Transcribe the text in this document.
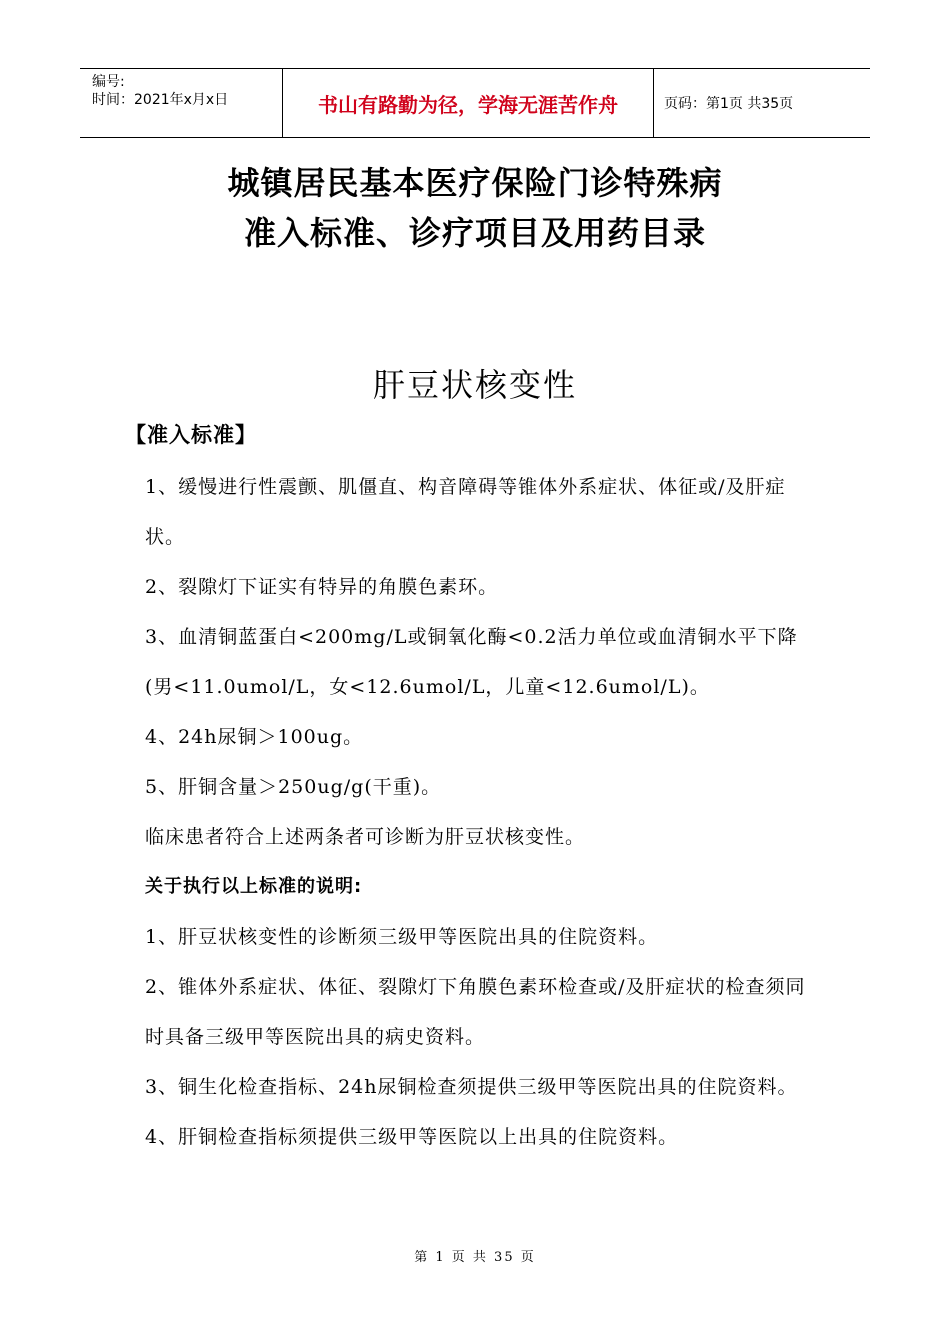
编号:
时间：2021年x月x日	书山有路勤为径，学海无涯苦作舟	页码：第1页 共35页
城镇居民基本医疗保险门诊特殊病
准入标准、诊疗项目及用药目录
肝豆状核变性
【准入标准】

1、缓慢进行性震颤、肌僵直、构音障碍等锥体外系症状、体征或/及肝症状。

2、裂隙灯下证实有特异的角膜色素环。

3、血清铜蓝蛋白<200mg/L或铜氧化酶<0.2活力单位或血清铜水平下降(男<11.0umol/L，女<12.6umol/L，儿童<12.6umol/L)。

4、24h尿铜＞100ug。

5、肝铜含量＞250ug/g(干重)。

临床患者符合上述两条者可诊断为肝豆状核变性。

关于执行以上标准的说明:

1、肝豆状核变性的诊断须三级甲等医院出具的住院资料。

2、锥体外系症状、体征、裂隙灯下角膜色素环检查或/及肝症状的检查须同时具备三级甲等医院出具的病史资料。

3、铜生化检查指标、24h尿铜检查须提供三级甲等医院出具的住院资料。

4、肝铜检查指标须提供三级甲等医院以上出具的住院资料。

第 1 页 共 35 页
